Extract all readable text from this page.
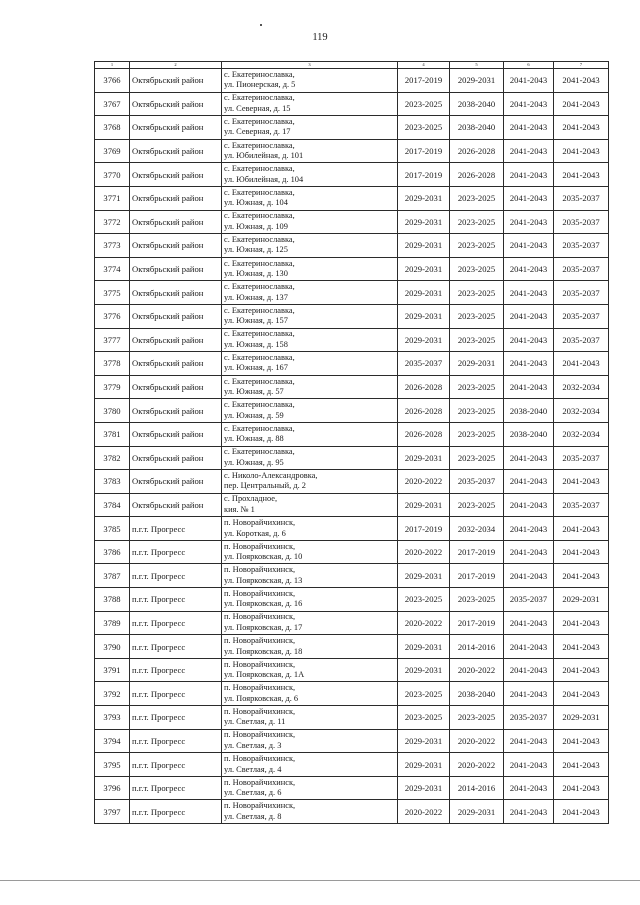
119
1	2	3	4	5	6	7
3766	Октябрьский район	с. Екатеринославка,
ул. Пионерская, д. 5	2017-2019	2029-2031	2041-2043	2041-2043
3767	Октябрьский район	с. Екатеринославка,
ул. Северная, д. 15	2023-2025	2038-2040	2041-2043	2041-2043
3768	Октябрьский район	с. Екатеринославка,
ул. Северная, д. 17	2023-2025	2038-2040	2041-2043	2041-2043
3769	Октябрьский район	с. Екатеринославка,
ул. Юбилейная, д. 101	2017-2019	2026-2028	2041-2043	2041-2043
3770	Октябрьский район	с. Екатеринославка,
ул. Юбилейная, д. 104	2017-2019	2026-2028	2041-2043	2041-2043
3771	Октябрьский район	с. Екатеринославка,
ул. Южная, д. 104	2029-2031	2023-2025	2041-2043	2035-2037
3772	Октябрьский район	с. Екатеринославка,
ул. Южная, д. 109	2029-2031	2023-2025	2041-2043	2035-2037
3773	Октябрьский район	с. Екатеринославка,
ул. Южная, д. 125	2029-2031	2023-2025	2041-2043	2035-2037
3774	Октябрьский район	с. Екатеринославка,
ул. Южная, д. 130	2029-2031	2023-2025	2041-2043	2035-2037
3775	Октябрьский район	с. Екатеринославка,
ул. Южная, д. 137	2029-2031	2023-2025	2041-2043	2035-2037
3776	Октябрьский район	с. Екатеринославка,
ул. Южная, д. 157	2029-2031	2023-2025	2041-2043	2035-2037
3777	Октябрьский район	с. Екатеринославка,
ул. Южная, д. 158	2029-2031	2023-2025	2041-2043	2035-2037
3778	Октябрьский район	с. Екатеринославка,
ул. Южная, д. 167	2035-2037	2029-2031	2041-2043	2041-2043
3779	Октябрьский район	с. Екатеринославка,
ул. Южная, д. 57	2026-2028	2023-2025	2041-2043	2032-2034
3780	Октябрьский район	с. Екатеринославка,
ул. Южная, д. 59	2026-2028	2023-2025	2038-2040	2032-2034
3781	Октябрьский район	с. Екатеринославка,
ул. Южная, д. 88	2026-2028	2023-2025	2038-2040	2032-2034
3782	Октябрьский район	с. Екатеринославка,
ул. Южная, д. 95	2029-2031	2023-2025	2041-2043	2035-2037
3783	Октябрьский район	с. Николо-Александровка,
пер. Центральный, д. 2	2020-2022	2035-2037	2041-2043	2041-2043
3784	Октябрьский район	с. Прохладное,
кия. № 1	2029-2031	2023-2025	2041-2043	2035-2037
3785	п.г.т. Прогресс	п. Новорайчихинск,
ул. Короткая, д. 6	2017-2019	2032-2034	2041-2043	2041-2043
3786	п.г.т. Прогресс	п. Новорайчихинск,
ул. Поярковская, д. 10	2020-2022	2017-2019	2041-2043	2041-2043
3787	п.г.т. Прогресс	п. Новорайчихинск,
ул. Поярковская, д. 13	2029-2031	2017-2019	2041-2043	2041-2043
3788	п.г.т. Прогресс	п. Новорайчихинск,
ул. Поярковская, д. 16	2023-2025	2023-2025	2035-2037	2029-2031
3789	п.г.т. Прогресс	п. Новорайчихинск,
ул. Поярковская, д. 17	2020-2022	2017-2019	2041-2043	2041-2043
3790	п.г.т. Прогресс	п. Новорайчихинск,
ул. Поярковская, д. 18	2029-2031	2014-2016	2041-2043	2041-2043
3791	п.г.т. Прогресс	п. Новорайчихинск,
ул. Поярковская, д. 1А	2029-2031	2020-2022	2041-2043	2041-2043
3792	п.г.т. Прогресс	п. Новорайчихинск,
ул. Поярковская, д. 6	2023-2025	2038-2040	2041-2043	2041-2043
3793	п.г.т. Прогресс	п. Новорайчихинск,
ул. Светлая, д. 11	2023-2025	2023-2025	2035-2037	2029-2031
3794	п.г.т. Прогресс	п. Новорайчихинск,
ул. Светлая, д. 3	2029-2031	2020-2022	2041-2043	2041-2043
3795	п.г.т. Прогресс	п. Новорайчихинск,
ул. Светлая, д. 4	2029-2031	2020-2022	2041-2043	2041-2043
3796	п.г.т. Прогресс	п. Новорайчихинск,
ул. Светлая, д. 6	2029-2031	2014-2016	2041-2043	2041-2043
3797	п.г.т. Прогресс	п. Новорайчихинск,
ул. Светлая, д. 8	2020-2022	2029-2031	2041-2043	2041-2043
